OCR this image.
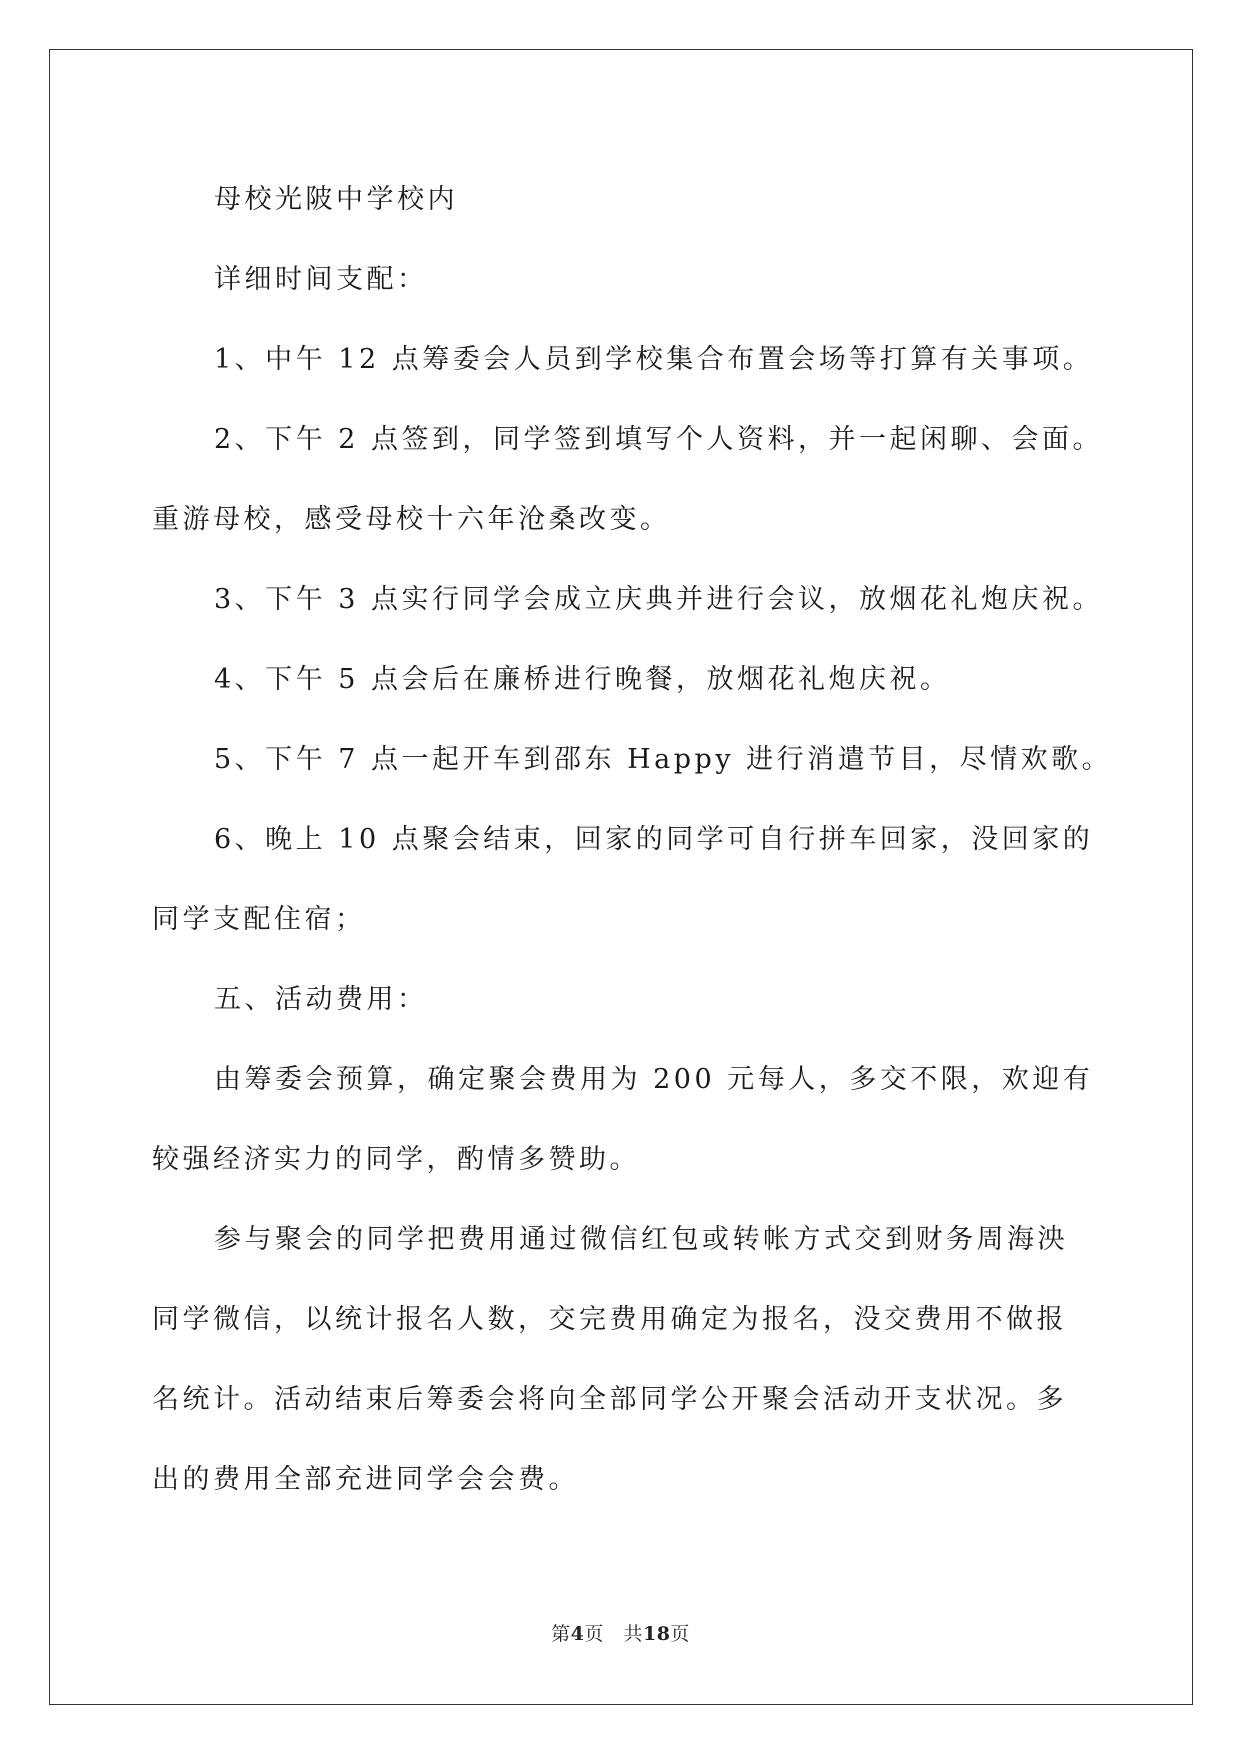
母校光陂中学校内

详细时间支配：

1、中午 12 点筹委会人员到学校集合布置会场等打算有关事项。

2、下午 2 点签到，同学签到填写个人资料，并一起闲聊、会面。

重游母校，感受母校十六年沧桑改变。

3、下午 3 点实行同学会成立庆典并进行会议，放烟花礼炮庆祝。

4、下午 5 点会后在廉桥进行晚餐，放烟花礼炮庆祝。

5、下午 7 点一起开车到邵东 Happy 进行消遣节目，尽情欢歌。

6、晚上 10 点聚会结束，回家的同学可自行拼车回家，没回家的

同学支配住宿；

五、活动费用：

由筹委会预算，确定聚会费用为 200 元每人，多交不限，欢迎有

较强经济实力的同学，酌情多赞助。

参与聚会的同学把费用通过微信红包或转帐方式交到财务周海泱

同学微信，以统计报名人数，交完费用确定为报名，没交费用不做报

名统计。活动结束后筹委会将向全部同学公开聚会活动开支状况。多

出的费用全部充进同学会会费。

第4页 共18页
